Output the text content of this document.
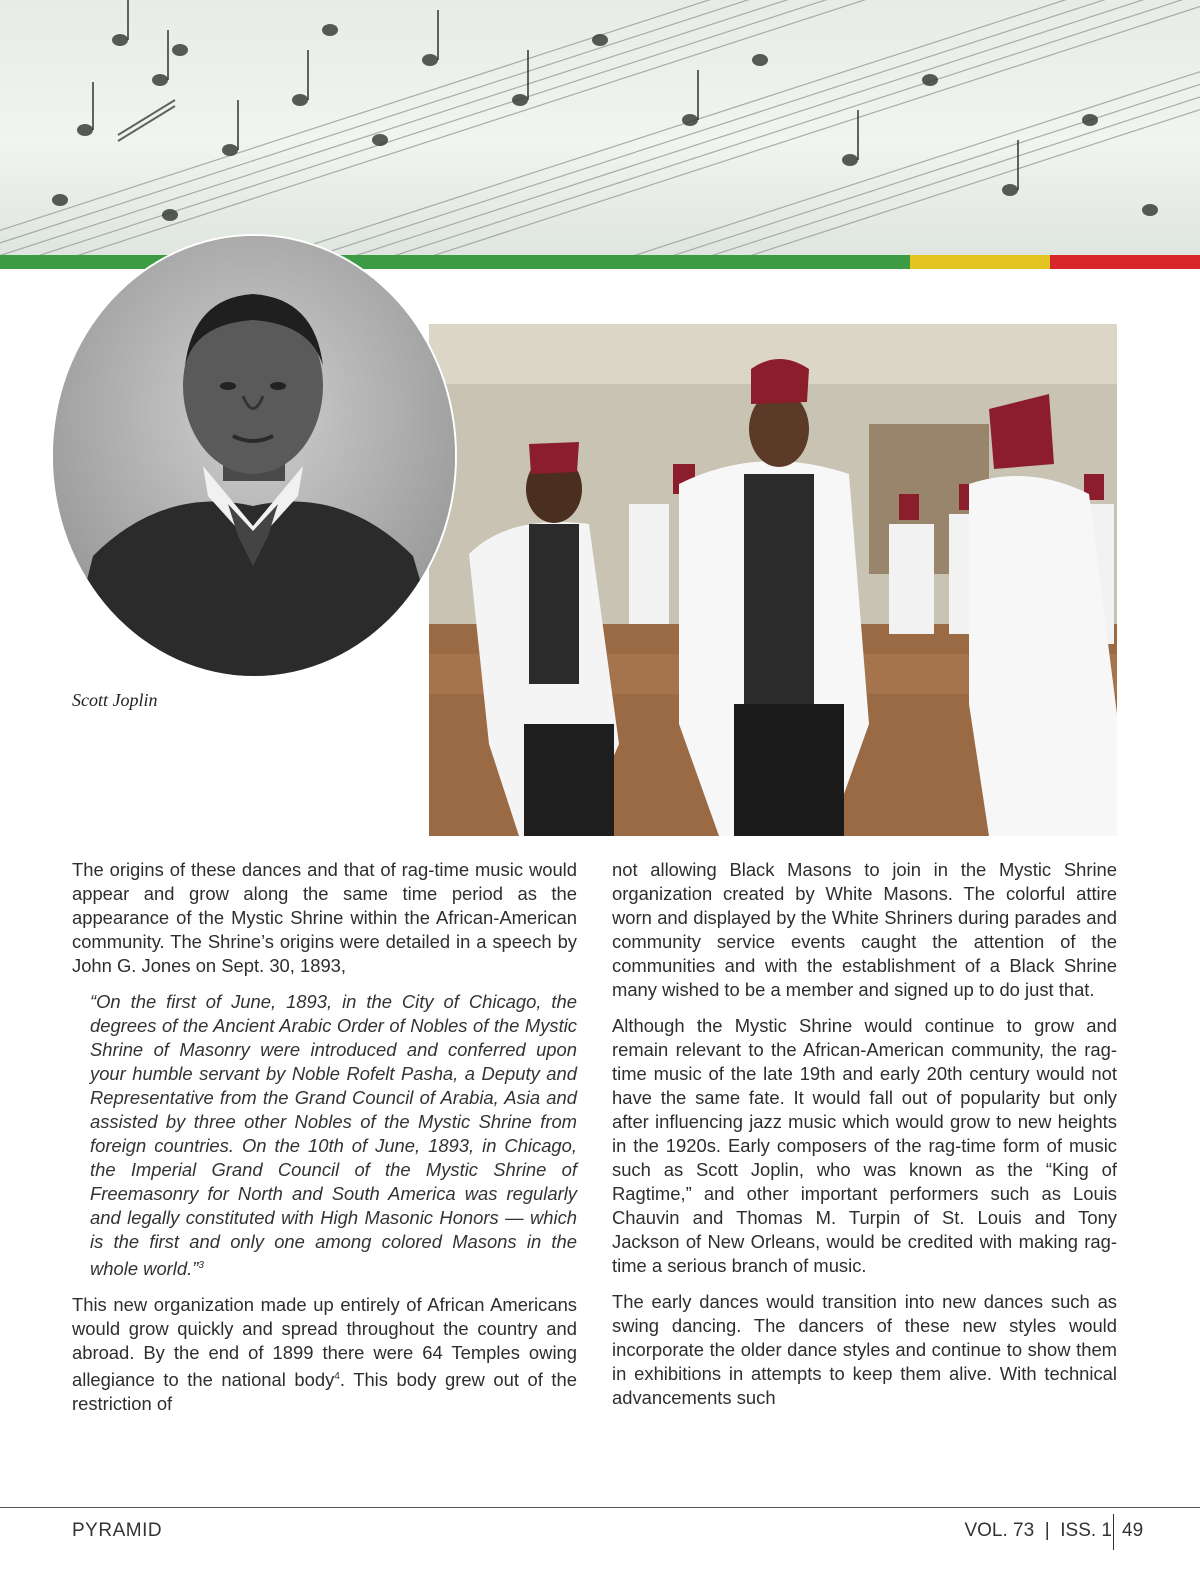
Scott Joplin

The origins of these dances and that of rag-time music would appear and grow along the same time period as the appearance of the Mystic Shrine within the African-American community. The Shrine’s origins were detailed in a speech by John G. Jones on Sept. 30, 1893,

“On the first of June, 1893, in the City of Chicago, the degrees of the Ancient Arabic Order of Nobles of the Mystic Shrine of Masonry were introduced and conferred upon your humble servant by Noble Rofelt Pasha, a Deputy and Representative from the Grand Council of Arabia, Asia and assisted by three other Nobles of the Mystic Shrine from foreign countries. On the 10th of June, 1893, in Chicago, the Imperial Grand Council of the Mystic Shrine of Freemasonry for North and South America was regularly and legally constituted with High Masonic Honors — which is the first and only one among colored Masons in the whole world.”$^3$

This new organization made up entirely of African Americans would grow quickly and spread throughout the country and abroad. By the end of 1899 there were 64 Temples owing allegiance to the national body$^4$. This body grew out of the restriction of

not allowing Black Masons to join in the Mystic Shrine organization created by White Masons. The colorful attire worn and displayed by the White Shriners during parades and community service events caught the attention of the communities and with the establishment of a Black Shrine many wished to be a member and signed up to do just that.

Although the Mystic Shrine would continue to grow and remain relevant to the African-American community, the rag-time music of the late 19th and early 20th century would not have the same fate. It would fall out of popularity but only after influencing jazz music which would grow to new heights in the 1920s. Early composers of the rag-time form of music such as Scott Joplin, who was known as the “King of Ragtime,” and other important performers such as Louis Chauvin and Thomas M. Turpin of St. Louis and Tony Jackson of New Orleans, would be credited with making rag-time a serious branch of music.

The early dances would transition into new dances such as swing dancing. The dancers of these new styles would incorporate the older dance styles and continue to show them in exhibitions in attempts to keep them alive. With technical advancements such

PYRAMID	VOL. 73  |  ISS. 1 49
